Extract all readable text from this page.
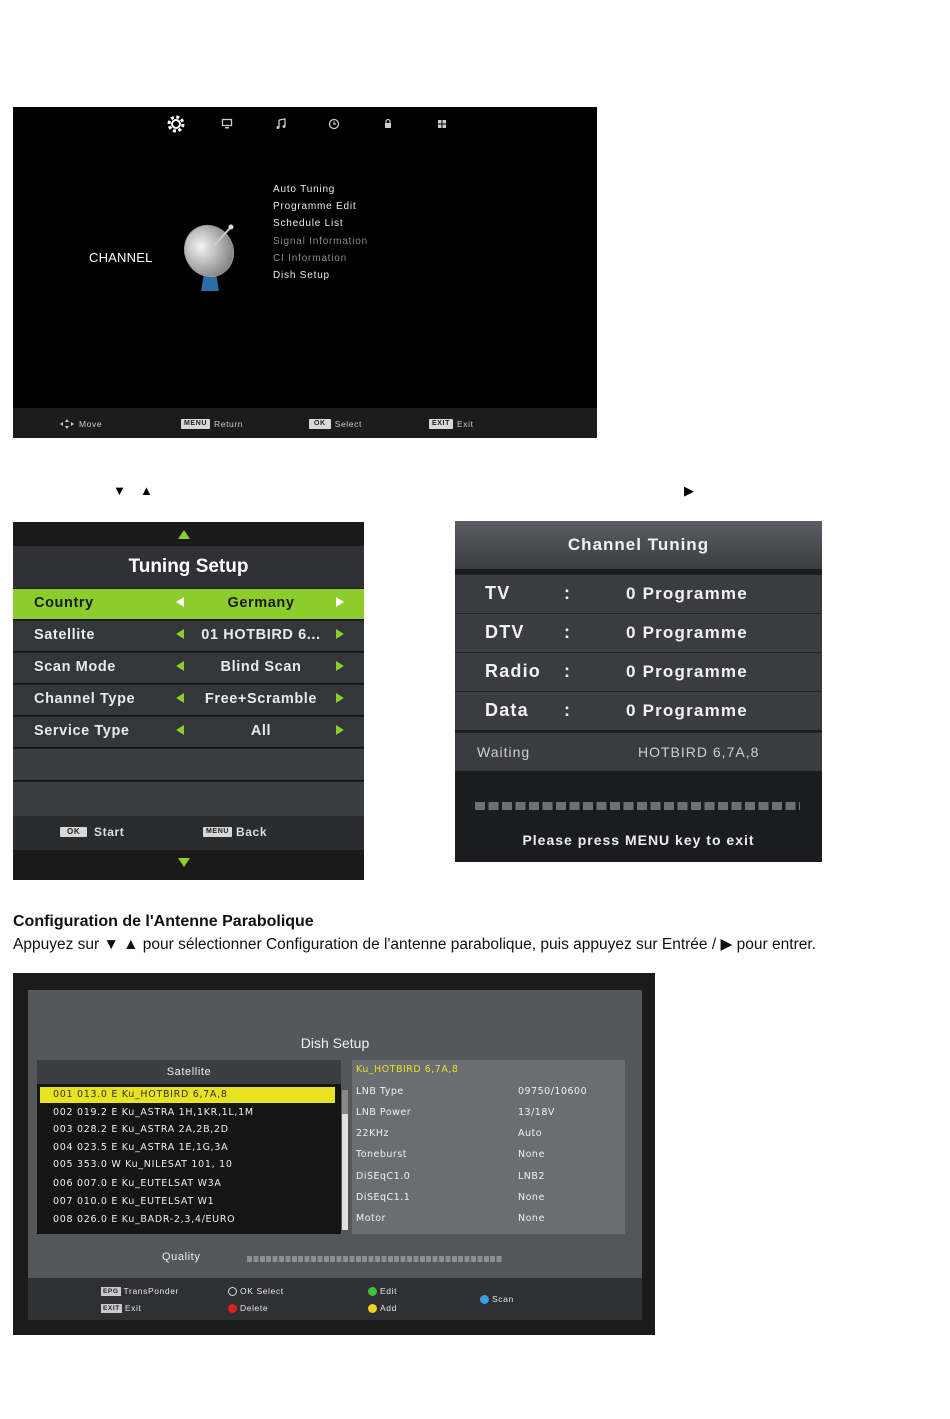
CHANNEL
Auto Tuning
Programme Edit
Schedule List
Signal Information
CI Information
Dish Setup
Move	MENU Return	OK Select	EXIT Exit
▼ ▲	▶
Tuning Setup
Country	Germany
Satellite	01 HOTBIRD 6...
Scan Mode	Blind Scan
Channel Type	Free+Scramble
Service Type	All
OK	Start	MENU Back
Channel Tuning
TV	:	0 Programme
DTV :	0 Programme
Radio :	0 Programme
Data :	0 Programme
Waiting	HOTBIRD 6,7A,8
Please press MENU key to exit
Configuration de l'Antenne Parabolique
Appuyez sur ▼ ▲ pour sélectionner Configuration de l'antenne parabolique, puis appuyez sur Entrée / ▶ pour entrer.
Dish Setup
Satellite
001 013.0 E Ku_HOTBIRD 6,7A,8
002 019.2 E Ku_ASTRA 1H,1KR,1L,1M
003 028.2 E Ku_ASTRA 2A,2B,2D
004 023.5 E Ku_ASTRA 1E,1G,3A
005 353.0 W Ku_NILESAT 101, 10
006 007.0 E Ku_EUTELSAT W3A
007 010.0 E Ku_EUTELSAT W1
008 026.0 E Ku_BADR-2,3,4/EURO
Ku_HOTBIRD 6,7A,8
LNB Type	09750/10600
LNB Power	13/18V
22KHz	Auto
Toneburst	None
DiSEqC1.0	LNB2
DiSEqC1.1	None
Motor	None
Quality
EPG TransPonder
EXIT Exit
OK Select
Delete
Edit
Add
Scan
